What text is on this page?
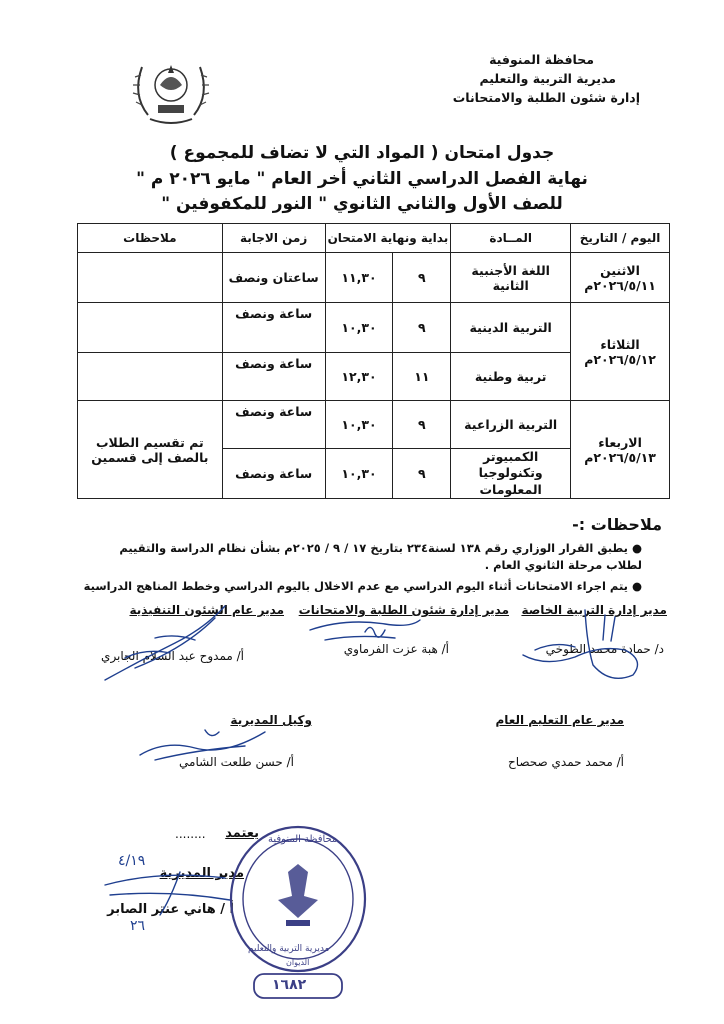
محافظة المنوفية
مديرية التربية والتعليم
إدارة شئون الطلبة والامتحانات
جدول امتحان ( المواد التي لا تضاف للمجموع )
نهاية الفصل الدراسي الثاني أخر العام " مايو ٢٠٢٦ م "
للصف الأول والثاني الثانوي " النور للمكفوفين "
اليوم / التاريخ	المــادة	بداية ونهاية الامتحان		زمن الاجابة	ملاحظات

الاثنين
٢٠٢٦/٥/١١م	اللغة الأجنبية الثانية	٩	١١,٣٠	ساعتان ونصف	

الثلاثاء
٢٠٢٦/٥/١٢م	التربية الدينية	٩	١٠,٣٠	ساعة ونصف	
	تربية وطنية	١١	١٢,٣٠	ساعة ونصف	

الاربعاء
٢٠٢٦/٥/١٣م	التربية الزراعية	٩	١٠,٣٠	ساعة ونصف	تم تقسيم الطلاب بالصف إلى قسمين
	الكمبيوتر وتكنولوجيا المعلومات	٩	١٠,٣٠	ساعة ونصف	
ملاحظات :-
● يطبق القرار الوزاري رقم ١٣٨ لسنة٢٣٤ بتاريخ ١٧ / ٩ / ٢٠٢٥م بشأن نظام الدراسة والتقييم لطلاب مرحلة الثانوي العام .
● يتم اجراء الامتحانات أثناء اليوم الدراسي مع عدم الاخلال باليوم الدراسي وخطط المناهج الدراسية
مدير إدارة التربية الخاصة
مدير إدارة شئون الطلبة والامتحانات
مدير عام الشئون التنفيذية
د/ حمادة محمد الطوخي
أ/ هبة عزت الفرماوي
أ/ ممدوح عبد السلام الجابري
مدير عام التعليم العام
وكيل المديرية
أ/ محمد حمدي صحصاح
أ/ حسن طلعت الشامي
يعتمد
........
مدير المديرية
أ / هاني عنتر الصابر
٤/١٩
٢٦
محافظة المنوفية
مديرية التربية والتعليم
الديوان
١٦٨٢
